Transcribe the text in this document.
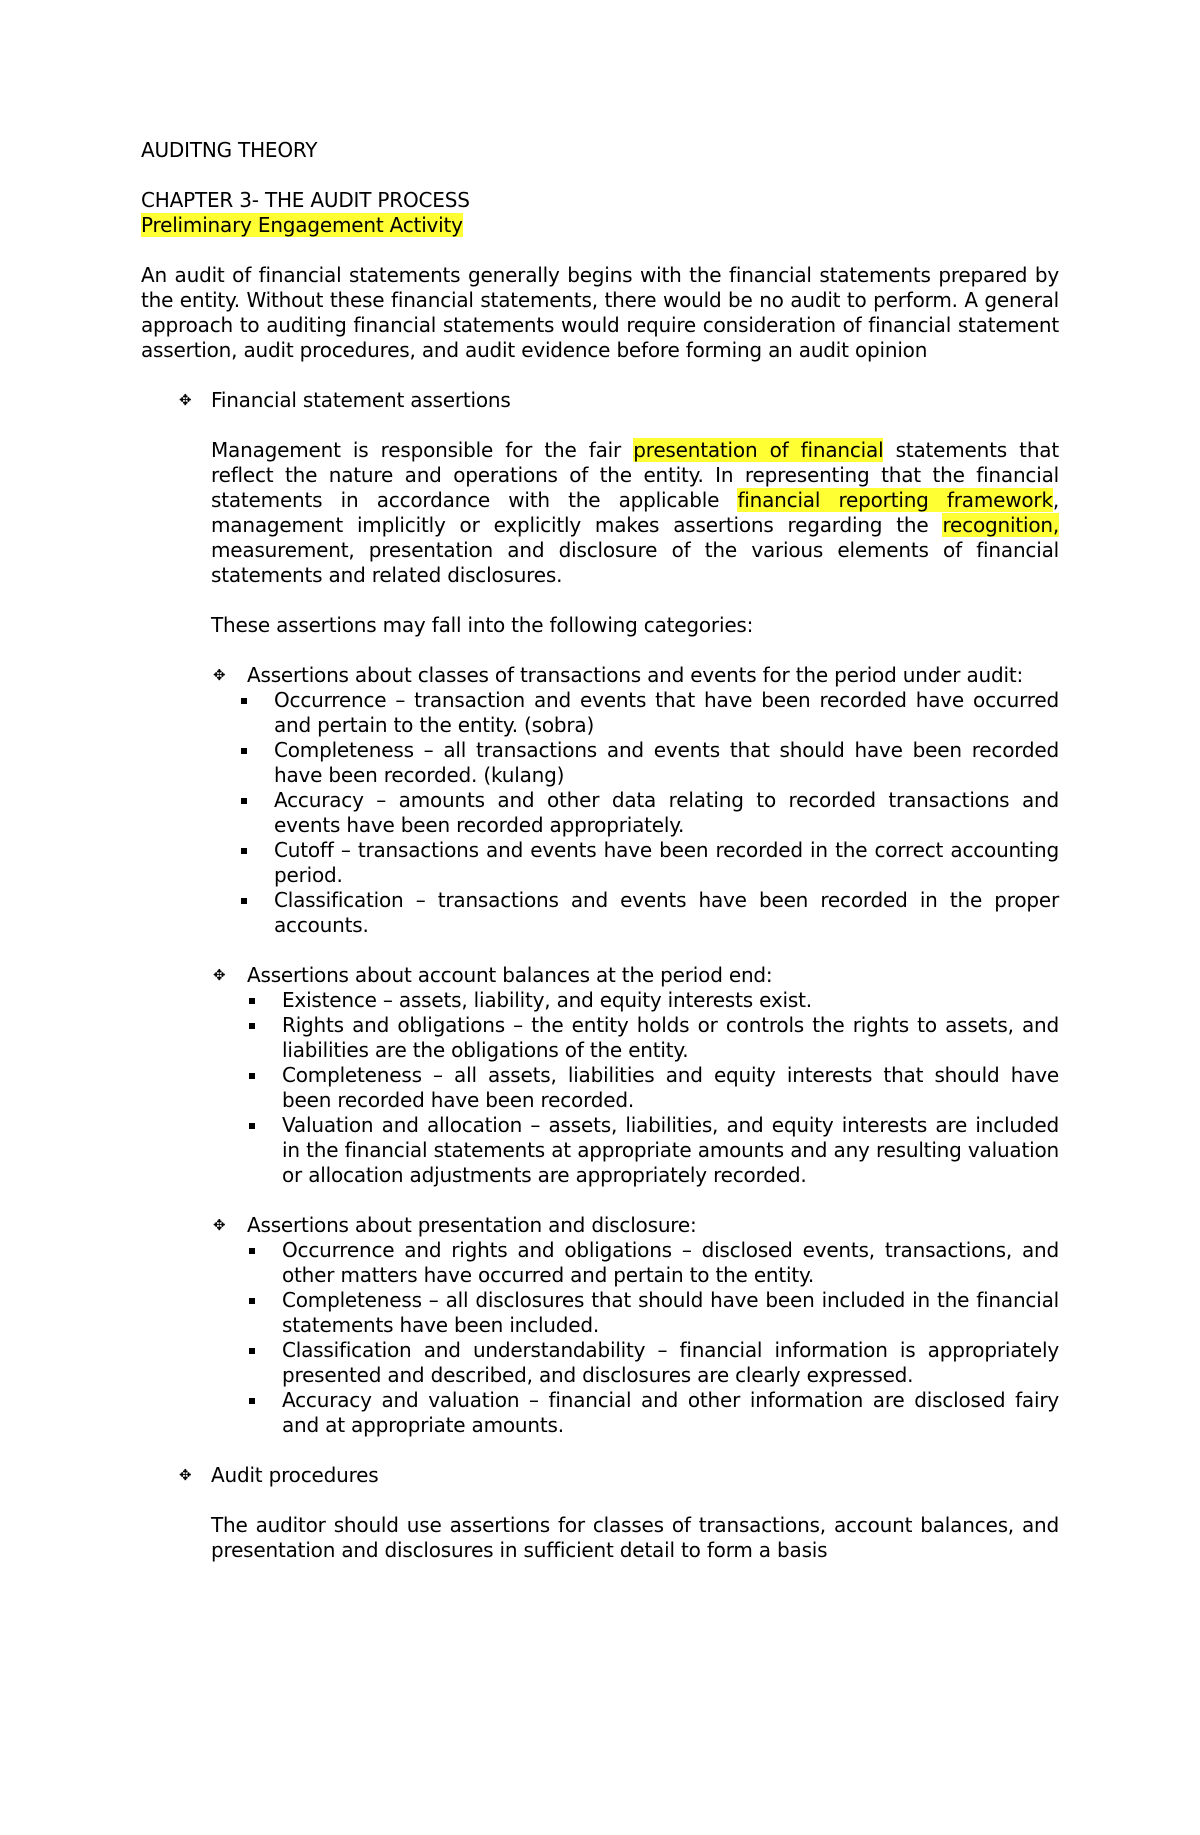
AUDITNG THEORY

CHAPTER 3- THE AUDIT PROCESS

Preliminary Engagement Activity

An audit of financial statements generally begins with the financial statements prepared by the entity. Without these financial statements, there would be no audit to perform. A general approach to auditing financial statements would require consideration of financial statement assertion, audit procedures, and audit evidence before forming an audit opinion

✥ Financial statement assertions

Management is responsible for the fair presentation of financial statements that reflect the nature and operations of the entity. In representing that the financial statements in accordance with the applicable financial reporting framework, management implicitly or explicitly makes assertions regarding the recognition, measurement, presentation and disclosure of the various elements of financial statements and related disclosures.

These assertions may fall into the following categories:

✥ Assertions about classes of transactions and events for the period under audit:
Occurrence – transaction and events that have been recorded have occurred and pertain to the entity. (sobra)
Completeness – all transactions and events that should have been recorded have been recorded. (kulang)
Accuracy – amounts and other data relating to recorded transactions and events have been recorded appropriately.
Cutoff – transactions and events have been recorded in the correct accounting period.
Classification – transactions and events have been recorded in the proper accounts.
✥ Assertions about account balances at the period end:
Existence – assets, liability, and equity interests exist.
Rights and obligations – the entity holds or controls the rights to assets, and liabilities are the obligations of the entity.
Completeness – all assets, liabilities and equity interests that should have been recorded have been recorded.
Valuation and allocation – assets, liabilities, and equity interests are included in the financial statements at appropriate amounts and any resulting valuation or allocation adjustments are appropriately recorded.
✥ Assertions about presentation and disclosure:
Occurrence and rights and obligations – disclosed events, transactions, and other matters have occurred and pertain to the entity.
Completeness – all disclosures that should have been included in the financial statements have been included.
Classification and understandability – financial information is appropriately presented and described, and disclosures are clearly expressed.
Accuracy and valuation – financial and other information are disclosed fairy and at appropriate amounts.
✥ Audit procedures

The auditor should use assertions for classes of transactions, account balances, and presentation and disclosures in sufficient detail to form a basis
